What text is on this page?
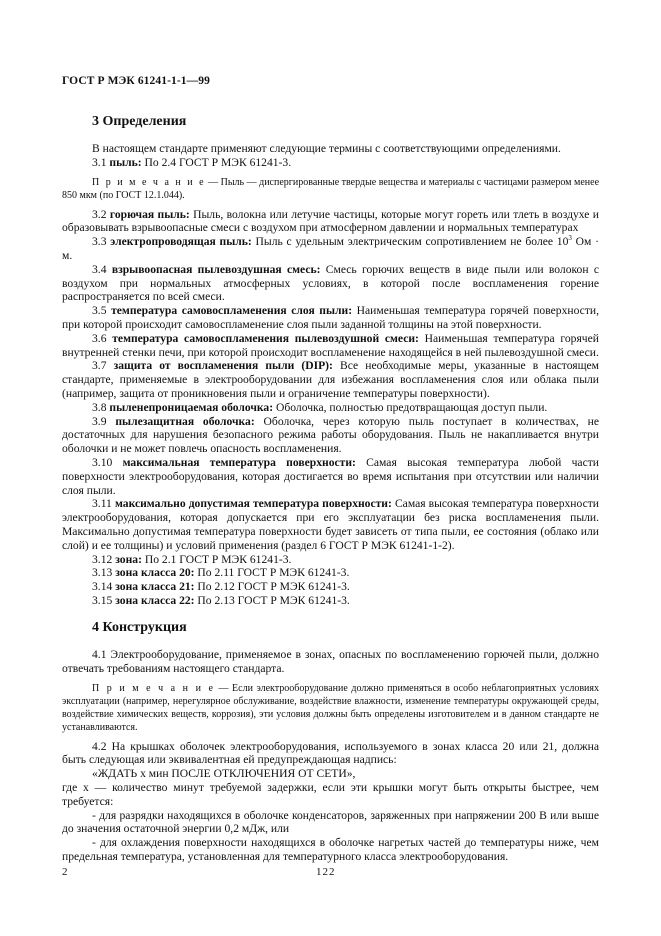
ГОСТ Р МЭК 61241-1-1—99
3 Определения

В настоящем стандарте применяют следующие термины с соответствующими определениями.

3.1 пыль: По 2.4 ГОСТ Р МЭК 61241-3.

П р и м е ч а н и е — Пыль — диспергированные твердые вещества и материалы с частицами размером менее 850 мкм (по ГОСТ 12.1.044).

3.2 горючая пыль: Пыль, волокна или летучие частицы, которые могут гореть или тлеть в воздухе и образовывать взрывоопасные смеси с воздухом при атмосферном давлении и нормальных температурах

3.3 электропроводящая пыль: Пыль с удельным электрическим сопротивлением не более $10^3$ Ом · м.

3.4 взрывоопасная пылевоздушная смесь: Смесь горючих веществ в виде пыли или волокон с воздухом при нормальных атмосферных условиях, в которой после воспламенения горение распространяется по всей смеси.

3.5 температура самовоспламенения слоя пыли: Наименьшая температура горячей поверхности, при которой происходит самовоспламенение слоя пыли заданной толщины на этой поверхности.

3.6 температура самовоспламенения пылевоздушной смеси: Наименьшая температура горячей внутренней стенки печи, при которой происходит воспламенение находящейся в ней пылевоздушной смеси.

3.7 защита от воспламенения пыли (DIP): Все необходимые меры, указанные в настоящем стандарте, применяемые в электрооборудовании для избежания воспламенения слоя или облака пыли (например, защита от проникновения пыли и ограничение температуры поверхности).

3.8 пыленепроницаемая оболочка: Оболочка, полностью предотвращающая доступ пыли.

3.9 пылезащитная оболочка: Оболочка, через которую пыль поступает в количествах, не достаточных для нарушения безопасного режима работы оборудования. Пыль не накапливается внутри оболочки и не может повлечь опасность воспламенения.

3.10 максимальная температура поверхности: Самая высокая температура любой части поверхности электрооборудования, которая достигается во время испытания при отсутствии или наличии слоя пыли.

3.11 максимально допустимая температура поверхности: Самая высокая температура поверхности электрооборудования, которая допускается при его эксплуатации без риска воспламенения пыли. Максимально допустимая температура поверхности будет зависеть от типа пыли, ее состояния (облако или слой) и ее толщины) и условий применения (раздел 6 ГОСТ Р МЭК 61241-1-2).

3.12 зона: По 2.1 ГОСТ Р МЭК 61241-3.

3.13 зона класса 20: По 2.11 ГОСТ Р МЭК 61241-3.

3.14 зона класса 21: По 2.12 ГОСТ Р МЭК 61241-3.

3.15 зона класса 22: По 2.13 ГОСТ Р МЭК 61241-3.

4 Конструкция

4.1 Электрооборудование, применяемое в зонах, опасных по воспламенению горючей пыли, должно отвечать требованиям настоящего стандарта.

П р и м е ч а н и е — Если электрооборудование должно применяться в особо неблагоприятных условиях эксплуатации (например, нерегулярное обслуживание, воздействие влажности, изменение температуры окружающей среды, воздействие химических веществ, коррозия), эти условия должны быть определены изготовителем и в данном стандарте не устанавливаются.

4.2 На крышках оболочек электрооборудования, используемого в зонах класса 20 или 21, должна быть следующая или эквивалентная ей предупреждающая надпись:

«ЖДАТЬ x мин ПОСЛЕ ОТКЛЮЧЕНИЯ ОТ СЕТИ»,

где x — количество минут требуемой задержки, если эти крышки могут быть открыты быстрее, чем требуется:

- для разрядки находящихся в оболочке конденсаторов, заряженных при напряжении 200 В или выше до значения остаточной энергии 0,2 мДж, или

- для охлаждения поверхности находящихся в оболочке нагретых частей до температуры ниже, чем предельная температура, установленная для температурного класса электрооборудования.

2	122
